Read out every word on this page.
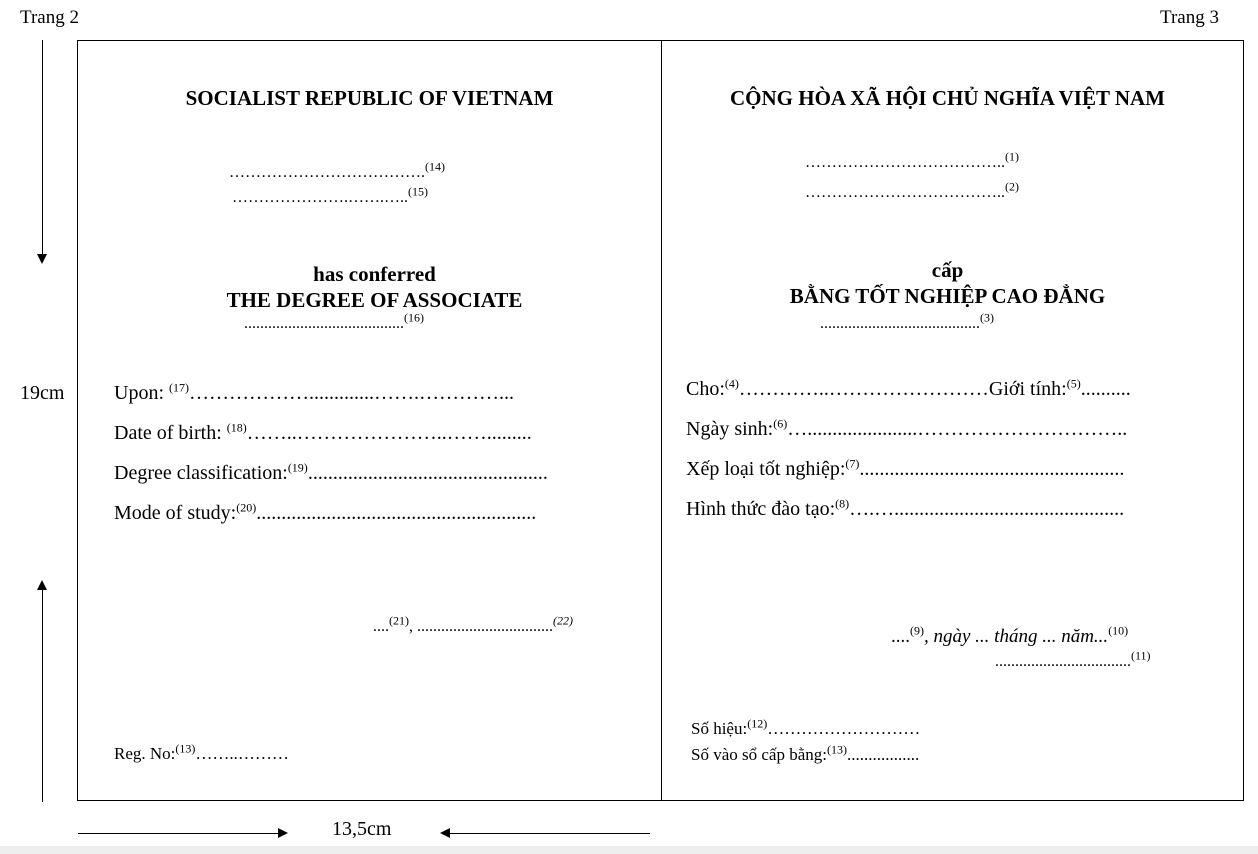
Trang 2	Trang 3
19cm
SOCIALIST REPUBLIC OF VIETNAM
……………………………….$^{(14)}$
………………….…….…..$^{(15)}$
has conferred
THE DEGREE OF ASSOCIATE
........................................$^{(16)}$
Upon: $^{(17)}$……………….............…….…………...
Date of birth: $^{(18)}$……..…………………..…….........
Degree classification:$^{(19)}$................................................
Mode of study:$^{(20)}$........................................................
....$^{(21)}$, ..................................$^{(22)}$
Reg. No:$^{(13)}$……..………
CỘNG HÒA XÃ HỘI CHỦ NGHĨA VIỆT NAM
………………………………..$^{(1)}$
………………………………..$^{(2)}$
cấp
BẰNG TỐT NGHIỆP CAO ĐẲNG
........................................$^{(3)}$
Cho:$^{(4)}$…………..……………………Giới tính:$^{(5)}$..........
Ngày sinh:$^{(6)}$…......................…………………………..
Xếp loại tốt nghiệp:$^{(7)}$.....................................................
Hình thức đào tạo:$^{(8)}$….…..............................................
....$^{(9)}$, ngày ... tháng ... năm...$^{(10)}$
..................................$^{(11)}$
Số hiệu:$^{(12)}$………………………
Số vào sổ cấp bằng:$^{(13)}$.................
13,5cm
